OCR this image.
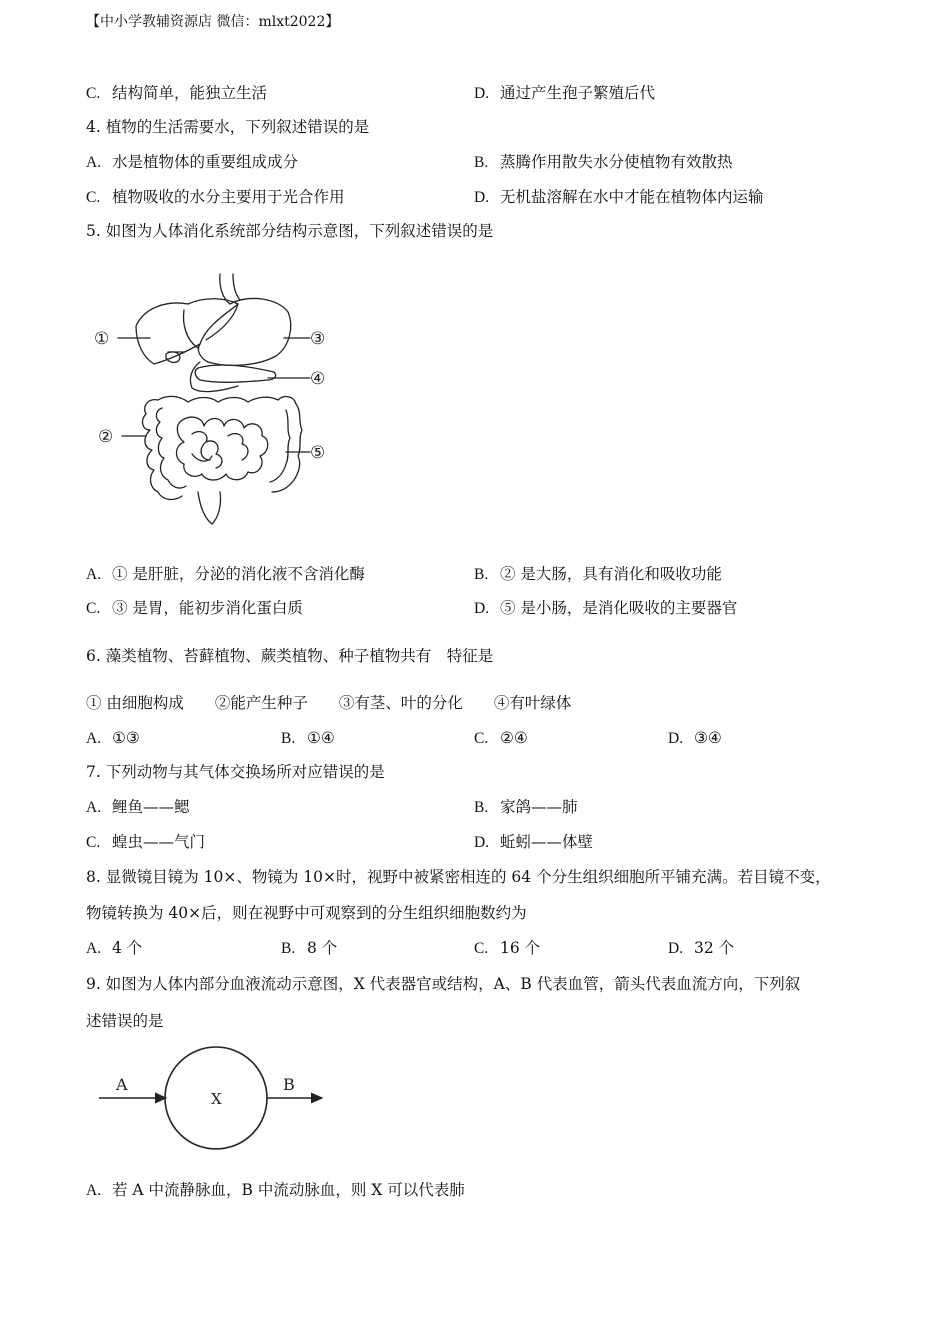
【中小学教辅资源店 微信：mlxt2022】
C. 结构简单，能独立生活	D. 通过产生孢子繁殖后代
4. 植物的生活需要水，下列叙述错误的是
A. 水是植物体的重要组成成分	B. 蒸腾作用散失水分使植物有效散热
C. 植物吸收的水分主要用于光合作用	D. 无机盐溶解在水中才能在植物体内运输
5. 如图为人体消化系统部分结构示意图，下列叙述错误的是
①
②
③
④
⑤
A. ① 是肝脏，分泌的消化液不含消化酶	B. ② 是大肠，具有消化和吸收功能
C. ③ 是胃，能初步消化蛋白质	D. ⑤ 是小肠，是消化吸收的主要器官
6. 藻类植物、苔藓植物、蕨类植物、种子植物共有　特征是
① 由细胞构成　　②能产生种子　　③有茎、叶的分化　　④有叶绿体
A. ①③	B. ①④	C. ②④	D. ③④
7. 下列动物与其气体交换场所对应错误的是
A. 鲤鱼——鳃	B. 家鸽——肺
C. 蝗虫——气门	D. 蚯蚓——体壁
8. 显微镜目镜为 10×、物镜为 10×时，视野中被紧密相连的 64 个分生组织细胞所平铺充满。若目镜不变，
物镜转换为 40×后，则在视野中可观察到的分生组织细胞数约为
A. 4 个	B. 8 个	C. 16 个	D. 32 个
9. 如图为人体内部分血液流动示意图，X 代表器官或结构，A、B 代表血管，箭头代表血流方向，下列叙
述错误的是
A
X
B
A. 若 A 中流静脉血，B 中流动脉血，则 X 可以代表肺
